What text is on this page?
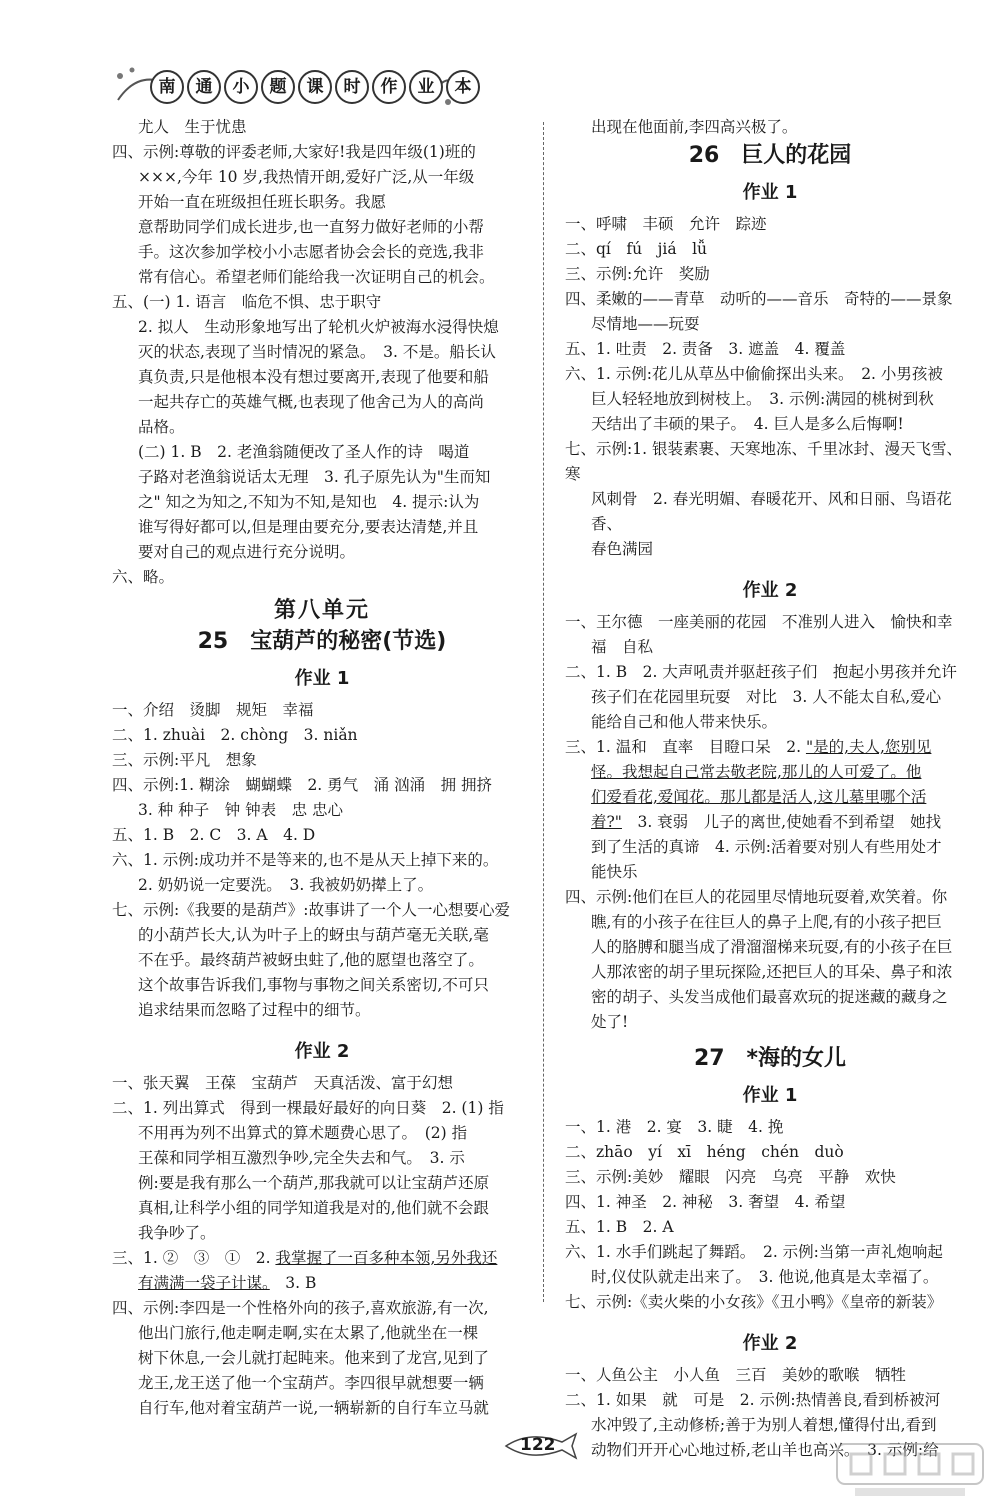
南	通	小	题	课	时	作	业	本

尤人　生于忧患

四、示例:尊敬的评委老师,大家好!我是四年级(1)班的

×××,今年 10 岁,我热情开朗,爱好广泛,从一年级

开始一直在班级担任班长职务。我愿

意帮助同学们成长进步,也一直努力做好老师的小帮

手。这次参加学校小小志愿者协会会长的竞选,我非

常有信心。希望老师们能给我一次证明自己的机会。

五、(一) 1. 语言　临危不惧、忠于职守

2. 拟人　生动形象地写出了轮机火炉被海水浸得快熄

灭的状态,表现了当时情况的紧急。　3. 不是。船长认

真负责,只是他根本没有想过要离开,表现了他要和船

一起共存亡的英雄气概,也表现了他舍己为人的高尚

品格。

(二) 1. B　2. 老渔翁随便改了圣人作的诗　喝道

子路对老渔翁说话太无理　3. 孔子原先认为"生而知

之" 知之为知之,不知为不知,是知也　4. 提示:认为

谁写得好都可以,但是理由要充分,要表达清楚,并且

要对自己的观点进行充分说明。

六、略。

第八单元
25　宝葫芦的秘密(节选)
作业 1

一、介绍　烫脚　规矩　幸福

二、1. zhuài　2. chòng　3. niǎn

三、示例:平凡　想象

四、示例:1. 糊涂　蝴蝴蝶　2. 勇气　涌 汹涌　拥 拥挤

3. 种 种子　钟 钟表　忠 忠心

五、1. B　2. C　3. A　4. D

六、1. 示例:成功并不是等来的,也不是从天上掉下来的。

2. 奶奶说一定要洗。　3. 我被奶奶撵上了。

七、示例:《我要的是葫芦》:故事讲了一个人一心想要心爱

的小葫芦长大,认为叶子上的蚜虫与葫芦毫无关联,毫

不在乎。最终葫芦被蚜虫蛀了,他的愿望也落空了。

这个故事告诉我们,事物与事物之间关系密切,不可只

追求结果而忽略了过程中的细节。

作业 2

一、张天翼　王葆　宝葫芦　天真活泼、富于幻想

二、1. 列出算式　得到一棵最好最好的向日葵　2. (1) 指

不用再为列不出算式的算术题费心思了。　(2) 指

王葆和同学相互激烈争吵,完全失去和气。　3. 示

例:要是我有那么一个葫芦,那我就可以让宝葫芦还原

真相,让科学小组的同学知道我是对的,他们就不会跟

我争吵了。

三、1. ②　③　①　2. 我掌握了一百多种本领,另外我还

有满满一袋子计谋。　3. B

四、示例:李四是一个性格外向的孩子,喜欢旅游,有一次,

他出门旅行,他走啊走啊,实在太累了,他就坐在一棵

树下休息,一会儿就打起盹来。他来到了龙宫,见到了

龙王,龙王送了他一个宝葫芦。李四很早就想要一辆

自行车,他对着宝葫芦一说,一辆崭新的自行车立马就

出现在他面前,李四高兴极了。

26　巨人的花园
作业 1

一、呼啸　丰硕　允许　踪迹

二、qí　fú　jiá　lǚ

三、示例:允许　奖励

四、柔嫩的——青草　动听的——音乐　奇特的——景象

尽情地——玩耍

五、1. 吐责　2. 责备　3. 遮盖　4. 覆盖

六、1. 示例:花儿从草丛中偷偷探出头来。　2. 小男孩被

巨人轻轻地放到树枝上。　3. 示例:满园的桃树到秋

天结出了丰硕的果子。　4. 巨人是多么后悔啊!

七、示例:1. 银装素裹、天寒地冻、千里冰封、漫天飞雪、寒

风刺骨　2. 春光明媚、春暖花开、风和日丽、鸟语花香、

春色满园

作业 2

一、王尔德　一座美丽的花园　不准别人进入　愉快和幸

福　自私

二、1. B　2. 大声吼责并驱赶孩子们　抱起小男孩并允许

孩子们在花园里玩耍　对比　3. 人不能太自私,爱心

能给自己和他人带来快乐。

三、1. 温和　直率　目瞪口呆　2. "是的,夫人,您别见

怪。我想起自己常去敬老院,那儿的人可爱了。他

们爱看花,爱闻花。那儿都是活人,这儿墓里哪个活

着?"　3. 衰弱　儿子的离世,使她看不到希望　她找

到了生活的真谛　4. 示例:活着要对别人有些用处才

能快乐

四、示例:他们在巨人的花园里尽情地玩耍着,欢笑着。你

瞧,有的小孩子在往巨人的鼻子上爬,有的小孩子把巨

人的胳膊和腿当成了滑溜溜梯来玩耍,有的小孩子在巨

人那浓密的胡子里玩探险,还把巨人的耳朵、鼻子和浓

密的胡子、头发当成他们最喜欢玩的捉迷藏的藏身之

处了!

27　*海的女儿
作业 1

一、1. 港　2. 宴　3. 睫　4. 挽

二、zhāo　yí　xī　héng　chén　duò

三、示例:美妙　耀眼　闪亮　乌亮　平静　欢快

四、1. 神圣　2. 神秘　3. 奢望　4. 希望

五、1. B　2. A

六、1. 水手们跳起了舞蹈。　2. 示例:当第一声礼炮响起

时,仪仗队就走出来了。　3. 他说,他真是太幸福了。

七、示例:《卖火柴的小女孩》《丑小鸭》《皇帝的新装》

作业 2

一、人鱼公主　小人鱼　三百　美妙的歌喉　牺牲

二、1. 如果　就　可是　2. 示例:热情善良,看到桥被河

水冲毁了,主动修桥;善于为别人着想,懂得付出,看到

动物们开开心心地过桥,老山羊也高兴。　3. 示例:给

122
